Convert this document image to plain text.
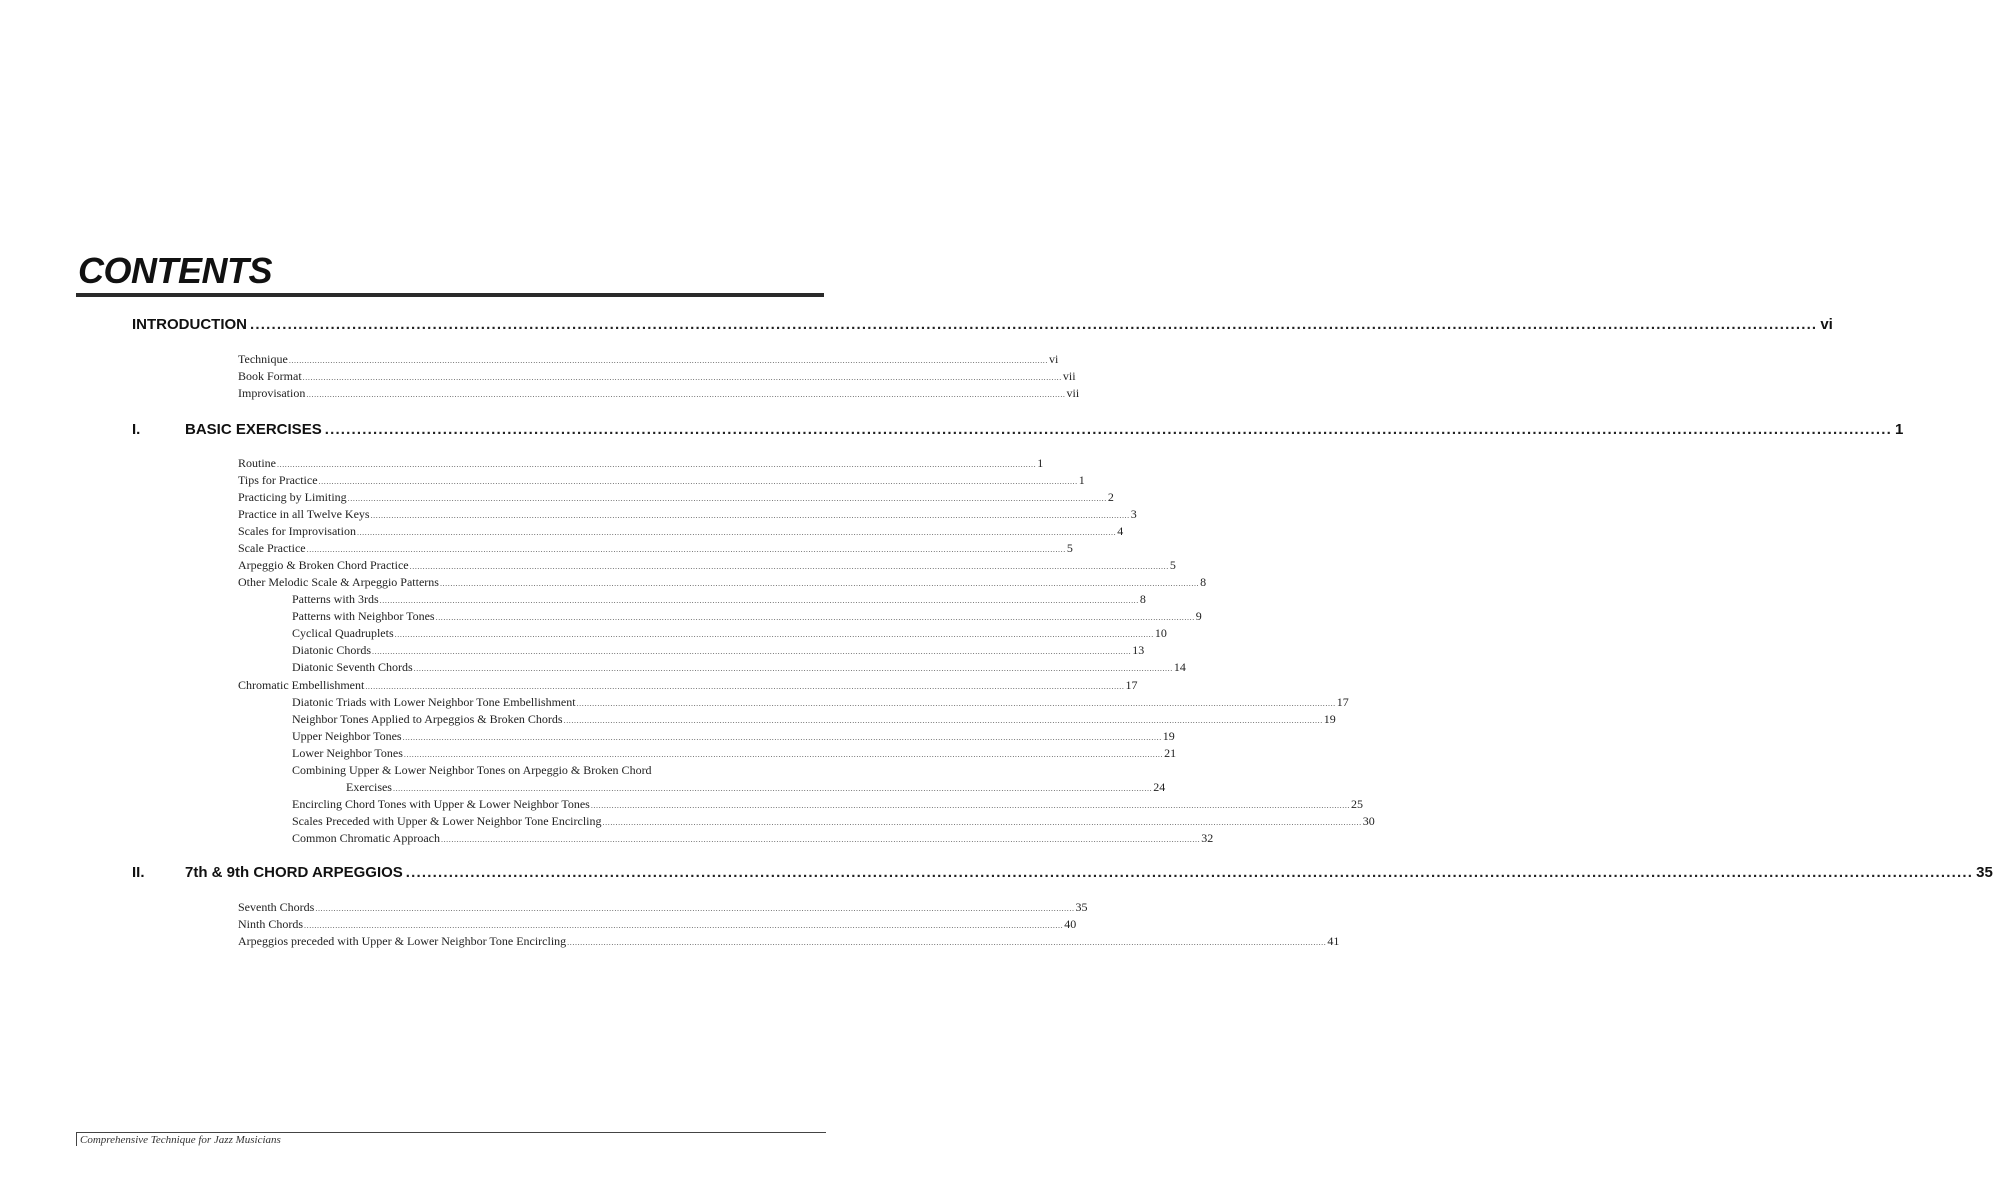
CONTENTS
INTRODUCTION .................................................................................................................................................................................................................................................................................................... vi
Technique .................................................................................................................................................................................................................................................................................................... vi
Book Format .................................................................................................................................................................................................................................................................................................... vii
Improvisation .................................................................................................................................................................................................................................................................................................... vii
I.	BASIC EXERCISES .................................................................................................................................................................................................................................................................................................... 1
Routine .................................................................................................................................................................................................................................................................................................... 1
Tips for Practice .................................................................................................................................................................................................................................................................................................... 1
Practicing by Limiting .................................................................................................................................................................................................................................................................................................... 2
Practice in all Twelve Keys .................................................................................................................................................................................................................................................................................................... 3
Scales for Improvisation .................................................................................................................................................................................................................................................................................................... 4
Scale Practice .................................................................................................................................................................................................................................................................................................... 5
Arpeggio & Broken Chord Practice .................................................................................................................................................................................................................................................................................................... 5
Other Melodic Scale & Arpeggio Patterns .................................................................................................................................................................................................................................................................................................... 8
Patterns with 3rds .................................................................................................................................................................................................................................................................................................... 8
Patterns with Neighbor Tones .................................................................................................................................................................................................................................................................................................... 9
Cyclical Quadruplets .................................................................................................................................................................................................................................................................................................... 10
Diatonic Chords .................................................................................................................................................................................................................................................................................................... 13
Diatonic Seventh Chords .................................................................................................................................................................................................................................................................................................... 14
Chromatic Embellishment .................................................................................................................................................................................................................................................................................................... 17
Diatonic Triads with Lower Neighbor Tone Embellishment .................................................................................................................................................................................................................................................................................................... 17
Neighbor Tones Applied to Arpeggios & Broken Chords .................................................................................................................................................................................................................................................................................................... 19
Upper Neighbor Tones .................................................................................................................................................................................................................................................................................................... 19
Lower Neighbor Tones .................................................................................................................................................................................................................................................................................................... 21
Combining Upper & Lower Neighbor Tones on Arpeggio & Broken Chord
Exercises .................................................................................................................................................................................................................................................................................................... 24
Encircling Chord Tones with Upper & Lower Neighbor Tones .................................................................................................................................................................................................................................................................................................... 25
Scales Preceded with Upper & Lower Neighbor Tone Encircling .................................................................................................................................................................................................................................................................................................... 30
Common Chromatic Approach .................................................................................................................................................................................................................................................................................................... 32
II.	7th & 9th CHORD ARPEGGIOS .................................................................................................................................................................................................................................................................................................... 35
Seventh Chords .................................................................................................................................................................................................................................................................................................... 35
Ninth Chords .................................................................................................................................................................................................................................................................................................... 40
Arpeggios preceded with Upper & Lower Neighbor Tone Encircling .................................................................................................................................................................................................................................................................................................... 41
Comprehensive Technique for Jazz Musicians
